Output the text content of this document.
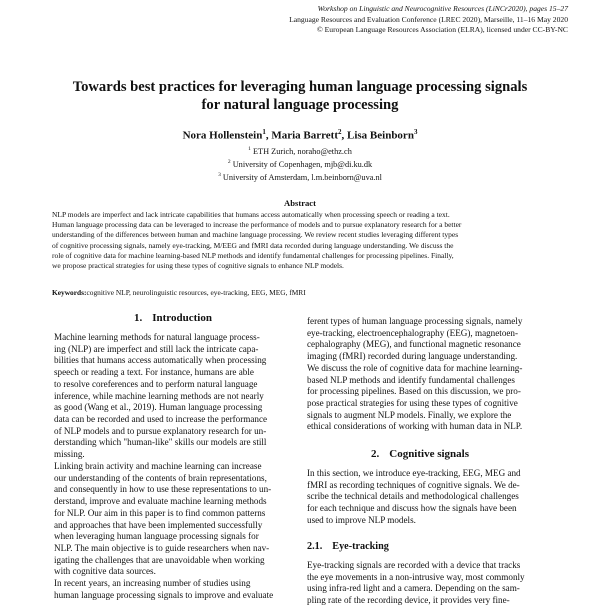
Workshop on Linguistic and Neurocognitive Resources (LiNCr2020), pages 15–27
Language Resources and Evaluation Conference (LREC 2020), Marseille, 11–16 May 2020
© European Language Resources Association (ELRA), licensed under CC-BY-NC
Towards best practices for leveraging human language processing signals
for natural language processing
Nora Hollenstein$^1$, Maria Barrett$^2$, Lisa Beinborn$^3$
$^1$ ETH Zurich, noraho@ethz.ch
$^2$ University of Copenhagen, mjb@di.ku.dk
$^3$ University of Amsterdam, l.m.beinborn@uva.nl
Abstract
NLP models are imperfect and lack intricate capabilities that humans access automatically when processing speech or reading a text.
Human language processing data can be leveraged to increase the performance of models and to pursue explanatory research for a better
understanding of the differences between human and machine language processing. We review recent studies leveraging different types
of cognitive processing signals, namely eye-tracking, M/EEG and fMRI data recorded during language understanding. We discuss the
role of cognitive data for machine learning-based NLP methods and identify fundamental challenges for processing pipelines. Finally,
we propose practical strategies for using these types of cognitive signals to enhance NLP models.
Keywords:cognitive NLP, neurolinguistic resources, eye-tracking, EEG, MEG, fMRI
1. Introduction
Machine learning methods for natural language process-
ing (NLP) are imperfect and still lack the intricate capa-
bilities that humans access automatically when processing
speech or reading a text. For instance, humans are able
to resolve coreferences and to perform natural language
inference, while machine learning methods are not nearly
as good (Wang et al., 2019). Human language processing
data can be recorded and used to increase the performance
of NLP models and to pursue explanatory research for un-
derstanding which "human-like" skills our models are still
missing.
Linking brain activity and machine learning can increase
our understanding of the contents of brain representations,
and consequently in how to use these representations to un-
derstand, improve and evaluate machine learning methods
for NLP. Our aim in this paper is to find common patterns
and approaches that have been implemented successfully
when leveraging human language processing signals for
NLP. The main objective is to guide researchers when nav-
igating the challenges that are unavoidable when working
with cognitive data sources.
In recent years, an increasing number of studies using
human language processing signals to improve and evaluate
ferent types of human language processing signals, namely
eye-tracking, electroencephalography (EEG), magnetoen-
cephalography (MEG), and functional magnetic resonance
imaging (fMRI) recorded during language understanding.
We discuss the role of cognitive data for machine learning-
based NLP methods and identify fundamental challenges
for processing pipelines. Based on this discussion, we pro-
pose practical strategies for using these types of cognitive
signals to augment NLP models. Finally, we explore the
ethical considerations of working with human data in NLP.
2. Cognitive signals
In this section, we introduce eye-tracking, EEG, MEG and
fMRI as recording techniques of cognitive signals. We de-
scribe the technical details and methodological challenges
for each technique and discuss how the signals have been
used to improve NLP models.
2.1. Eye-tracking
Eye-tracking signals are recorded with a device that tracks
the eye movements in a non-intrusive way, most commonly
using infra-red light and a camera. Depending on the sam-
pling rate of the recording device, it provides very fine-
